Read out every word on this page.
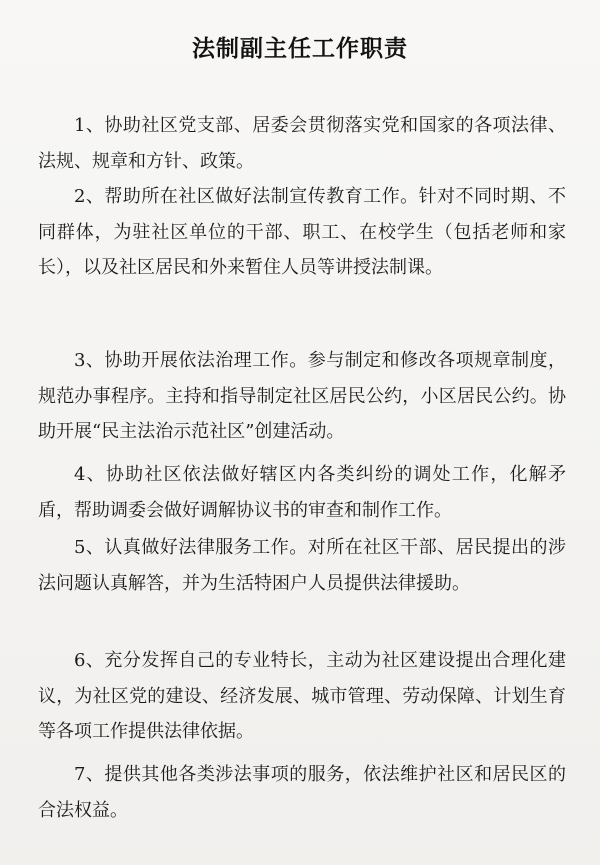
法制副主任工作职责

1、协助社区党支部、居委会贯彻落实党和国家的各项法律、法规、规章和方针、政策。

2、帮助所在社区做好法制宣传教育工作。针对不同时期、不同群体，为驻社区单位的干部、职工、在校学生（包括老师和家长），以及社区居民和外来暂住人员等讲授法制课。

3、协助开展依法治理工作。参与制定和修改各项规章制度，规范办事程序。主持和指导制定社区居民公约，小区居民公约。协助开展“民主法治示范社区”创建活动。

4、协助社区依法做好辖区内各类纠纷的调处工作，化解矛盾，帮助调委会做好调解协议书的审查和制作工作。

5、认真做好法律服务工作。对所在社区干部、居民提出的涉法问题认真解答，并为生活特困户人员提供法律援助。

6、充分发挥自己的专业特长，主动为社区建设提出合理化建议，为社区党的建设、经济发展、城市管理、劳动保障、计划生育等各项工作提供法律依据。

7、提供其他各类涉法事项的服务，依法维护社区和居民区的合法权益。
